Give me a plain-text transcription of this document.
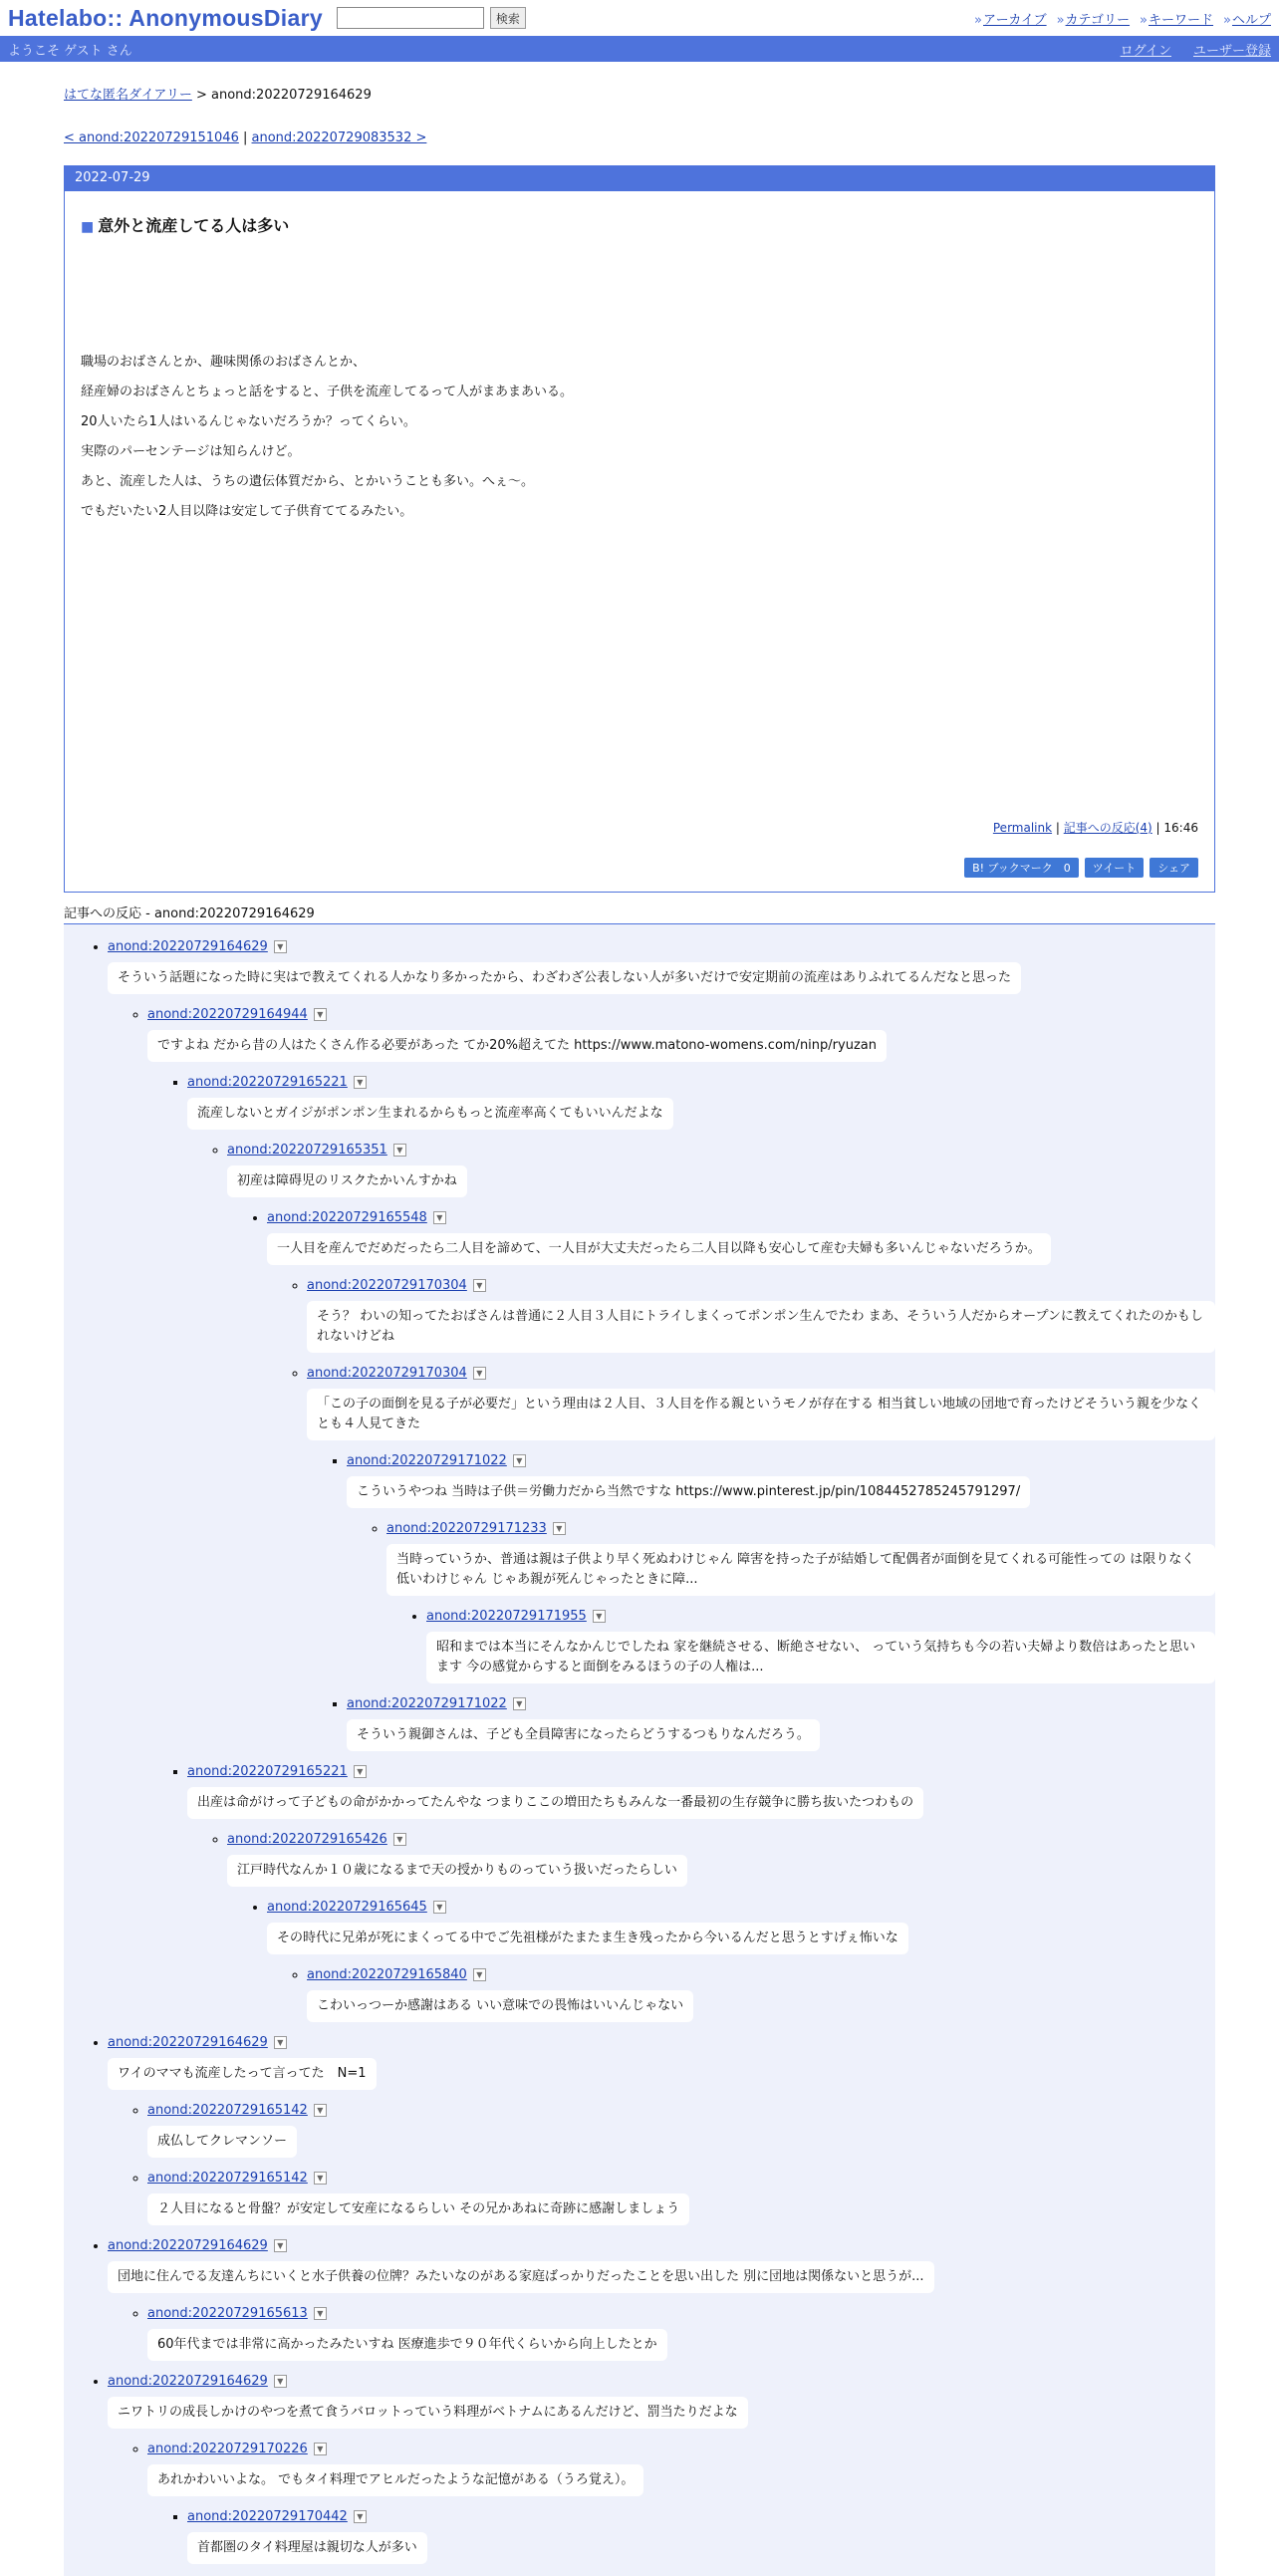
Hatelabo:: AnonymousDiary	検索	» アーカイブ	» カテゴリー	» キーワード	» ヘルプ
ようこそ ゲスト さん	ログイン ユーザー登録
はてな匿名ダイアリー > anond:20220729164629
< anond:20220729151046 | anond:20220729083532 >
2022-07-29
■ 意外と流産してる人は多い
職場のおばさんとか、趣味関係のおばさんとか、
経産婦のおばさんとちょっと話をすると、子供を流産してるって人がまあまあいる。
20人いたら1人はいるんじゃないだろうか？ってくらい。
実際のパーセンテージは知らんけど。
あと、流産した人は、うちの遺伝体質だから、とかいうことも多い。へぇ～。
でもだいたい2人目以降は安定して子供育ててるみたい。
Permalink | 記事への反応(4) | 16:46
B! ブックマーク　0	ツイート	シェア
記事への反応 - anond:20220729164629
• anond:20220729164629 ▼
そういう話題になった時に実はで教えてくれる人かなり多かったから、わざわざ公表しない人が多いだけで安定期前の流産はありふれてるんだなと思った
◦ anond:20220729164944 ▼
ですよね だから昔の人はたくさん作る必要があった てか20%超えてた https://www.matono-womens.com/ninp/ryuzan
▪ anond:20220729165221 ▼
流産しないとガイジがポンポン生まれるからもっと流産率高くてもいいんだよな
◦ anond:20220729165351 ▼
初産は障碍児のリスクたかいんすかね
• anond:20220729165548 ▼
一人目を産んでだめだったら二人目を諦めて、一人目が大丈夫だったら二人目以降も安心して産む夫婦も多いんじゃないだろうか。
◦ anond:20220729170304 ▼
そう？ わいの知ってたおばさんは普通に２人目３人目にトライしまくってポンポン生んでたわ まあ、そういう人だからオープンに教えてくれたのかもしれないけどね
◦ anond:20220729170304 ▼
「この子の面倒を見る子が必要だ」という理由は２人目、３人目を作る親というモノが存在する 相当貧しい地域の団地で育ったけどそういう親を少なくとも４人見てきた
▪ anond:20220729171022 ▼
こういうやつね 当時は子供＝労働力だから当然ですな https://www.pinterest.jp/pin/1084452785245791297/
◦ anond:20220729171233 ▼
当時っていうか、普通は親は子供より早く死ぬわけじゃん 障害を持った子が結婚して配偶者が面倒を見てくれる可能性っての は限りなく低いわけじゃん じゃあ親が死んじゃったときに障...
• anond:20220729171955 ▼
昭和までは本当にそんなかんじでしたね 家を継続させる、断絶させない、 っていう気持ちも今の若い夫婦より数倍はあったと思います 今の感覚からすると面倒をみるほうの子の人権は...
▪ anond:20220729171022 ▼
そういう親御さんは、子ども全員障害になったらどうするつもりなんだろう。
▪ anond:20220729165221 ▼
出産は命がけって子どもの命がかかってたんやな つまりここの増田たちもみんな一番最初の生存競争に勝ち抜いたつわもの
◦ anond:20220729165426 ▼
江戸時代なんか１０歳になるまで天の授かりものっていう扱いだったらしい
• anond:20220729165645 ▼
その時代に兄弟が死にまくってる中でご先祖様がたまたま生き残ったから今いるんだと思うとすげぇ怖いな
◦ anond:20220729165840 ▼
こわいっつーか感謝はある いい意味での畏怖はいいんじゃない
• anond:20220729164629 ▼
ワイのママも流産したって言ってた　N=1
◦ anond:20220729165142 ▼
成仏してクレマンソー
◦ anond:20220729165142 ▼
２人目になると骨盤？が安定して安産になるらしい その兄かあねに奇跡に感謝しましょう
• anond:20220729164629 ▼
団地に住んでる友達んちにいくと水子供養の位牌？みたいなのがある家庭ばっかりだったことを思い出した 別に団地は関係ないと思うが...
◦ anond:20220729165613 ▼
60年代までは非常に高かったみたいすね 医療進歩で９０年代くらいから向上したとか
• anond:20220729164629 ▼
ニワトリの成長しかけのやつを煮て食うバロットっていう料理がベトナムにあるんだけど、罰当たりだよな
◦ anond:20220729170226 ▼
あれかわいいよな。 でもタイ料理でアヒルだったような記憶がある（うろ覚え）。
▪ anond:20220729170442 ▼
首都圏のタイ料理屋は親切な人が多い
